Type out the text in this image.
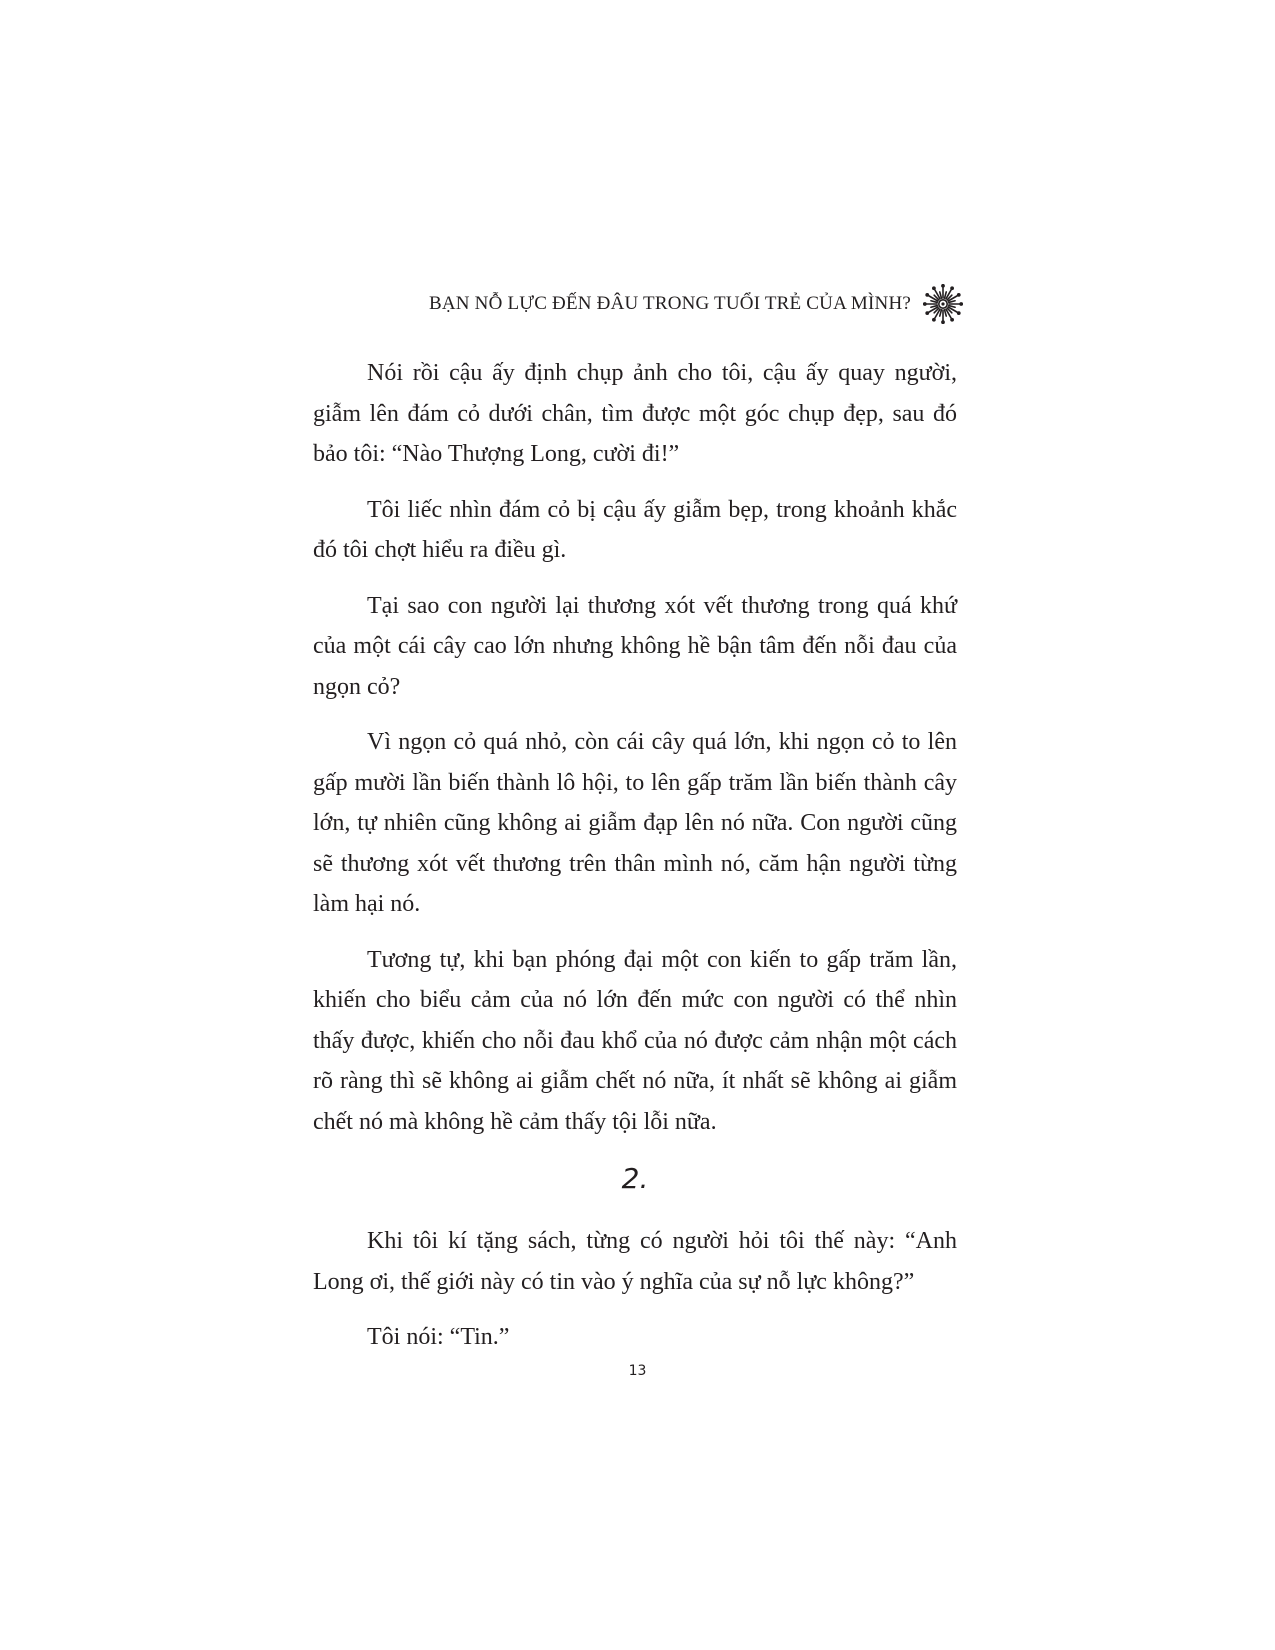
BẠN NỖ LỰC ĐẾN ĐÂU TRONG TUỔI TRẺ CỦA MÌNH?

Nói rồi cậu ấy định chụp ảnh cho tôi, cậu ấy quay người, giẫm lên đám cỏ dưới chân, tìm được một góc chụp đẹp, sau đó bảo tôi: “Nào Thượng Long, cười đi!”

Tôi liếc nhìn đám cỏ bị cậu ấy giẫm bẹp, trong khoảnh khắc đó tôi chợt hiểu ra điều gì.

Tại sao con người lại thương xót vết thương trong quá khứ của một cái cây cao lớn nhưng không hề bận tâm đến nỗi đau của ngọn cỏ?

Vì ngọn cỏ quá nhỏ, còn cái cây quá lớn, khi ngọn cỏ to lên gấp mười lần biến thành lô hội, to lên gấp trăm lần biến thành cây lớn, tự nhiên cũng không ai giẫm đạp lên nó nữa. Con người cũng sẽ thương xót vết thương trên thân mình nó, căm hận người từng làm hại nó.

Tương tự, khi bạn phóng đại một con kiến to gấp trăm lần, khiến cho biểu cảm của nó lớn đến mức con người có thể nhìn thấy được, khiến cho nỗi đau khổ của nó được cảm nhận một cách rõ ràng thì sẽ không ai giẫm chết nó nữa, ít nhất sẽ không ai giẫm chết nó mà không hề cảm thấy tội lỗi nữa.

2.

Khi tôi kí tặng sách, từng có người hỏi tôi thế này: “Anh Long ơi, thế giới này có tin vào ý nghĩa của sự nỗ lực không?”

Tôi nói: “Tin.”

13
